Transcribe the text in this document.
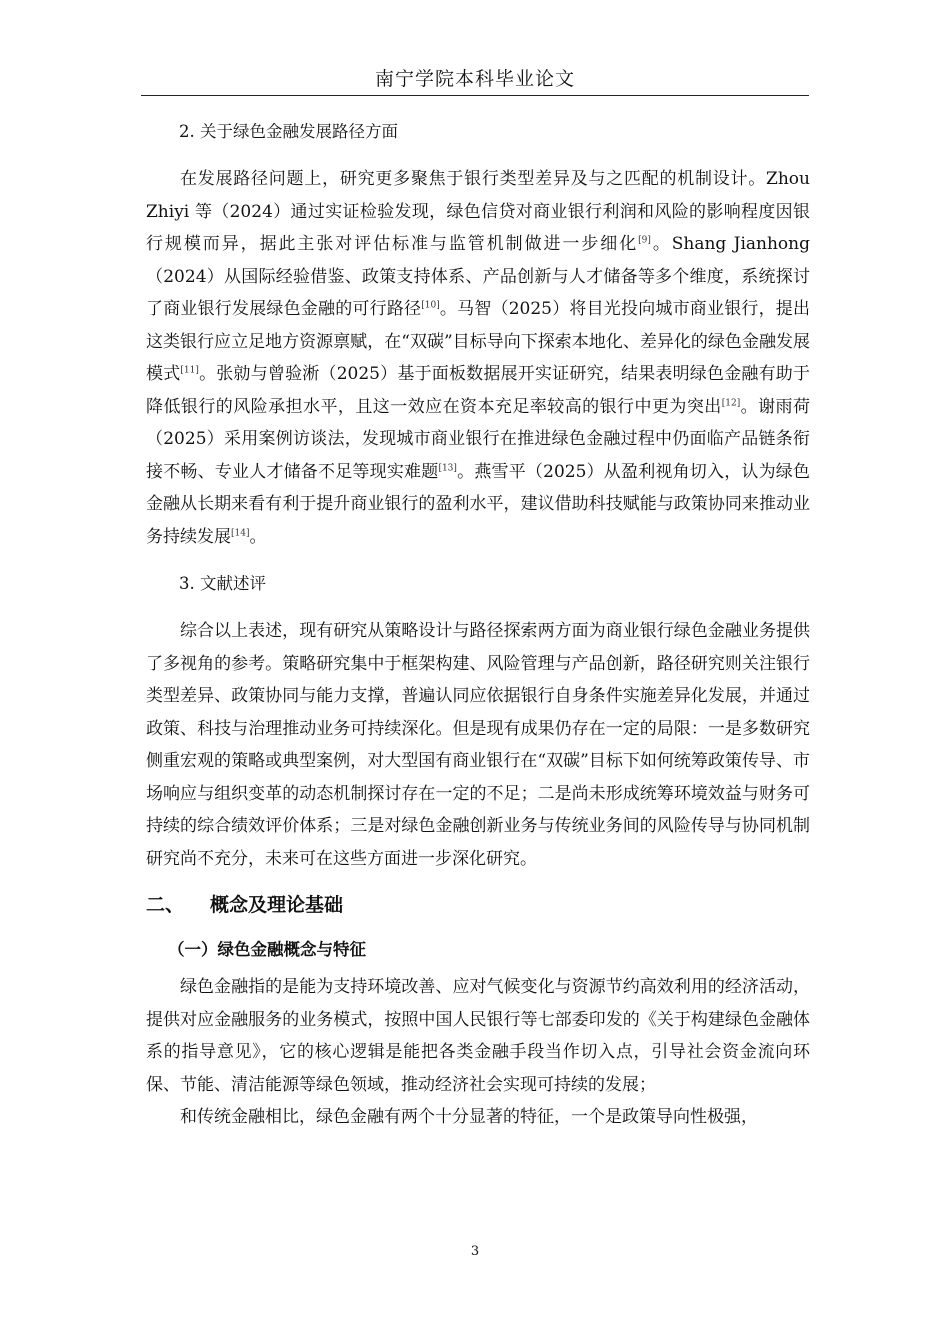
南宁学院本科毕业论文

2. 关于绿色金融发展路径方面

在发展路径问题上，研究更多聚焦于银行类型差异及与之匹配的机制设计。Zhou Zhiyi 等（2024）通过实证检验发现，绿色信贷对商业银行利润和风险的影响程度因银行规模而异，据此主张对评估标准与监管机制做进一步细化[9]。Shang Jianhong（2024）从国际经验借鉴、政策支持体系、产品创新与人才储备等多个维度，系统探讨了商业银行发展绿色金融的可行路径[10]。马智（2025）将目光投向城市商业银行，提出这类银行应立足地方资源禀赋，在“双碳”目标导向下探索本地化、差异化的绿色金融发展模式[11]。张勍与曾验淅（2025）基于面板数据展开实证研究，结果表明绿色金融有助于降低银行的风险承担水平，且这一效应在资本充足率较高的银行中更为突出[12]。谢雨荷（2025）采用案例访谈法，发现城市商业银行在推进绿色金融过程中仍面临产品链条衔接不畅、专业人才储备不足等现实难题[13]。燕雪平（2025）从盈利视角切入，认为绿色金融从长期来看有利于提升商业银行的盈利水平，建议借助科技赋能与政策协同来推动业务持续发展[14]。

3. 文献述评

综合以上表述，现有研究从策略设计与路径探索两方面为商业银行绿色金融业务提供了多视角的参考。策略研究集中于框架构建、风险管理与产品创新，路径研究则关注银行类型差异、政策协同与能力支撑，普遍认同应依据银行自身条件实施差异化发展，并通过政策、科技与治理推动业务可持续深化。但是现有成果仍存在一定的局限：一是多数研究侧重宏观的策略或典型案例，对大型国有商业银行在“双碳”目标下如何统筹政策传导、市场响应与组织变革的动态机制探讨存在一定的不足；二是尚未形成统筹环境效益与财务可持续的综合绩效评价体系；三是对绿色金融创新业务与传统业务间的风险传导与协同机制研究尚不充分，未来可在这些方面进一步深化研究。

二、 概念及理论基础
（一）绿色金融概念与特征

绿色金融指的是能为支持环境改善、应对气候变化与资源节约高效利用的经济活动，提供对应金融服务的业务模式，按照中国人民银行等七部委印发的《关于构建绿色金融体系的指导意见》，它的核心逻辑是能把各类金融手段当作切入点，引导社会资金流向环保、节能、清洁能源等绿色领域，推动经济社会实现可持续的发展；

和传统金融相比，绿色金融有两个十分显著的特征，一个是政策导向性极强，

3
